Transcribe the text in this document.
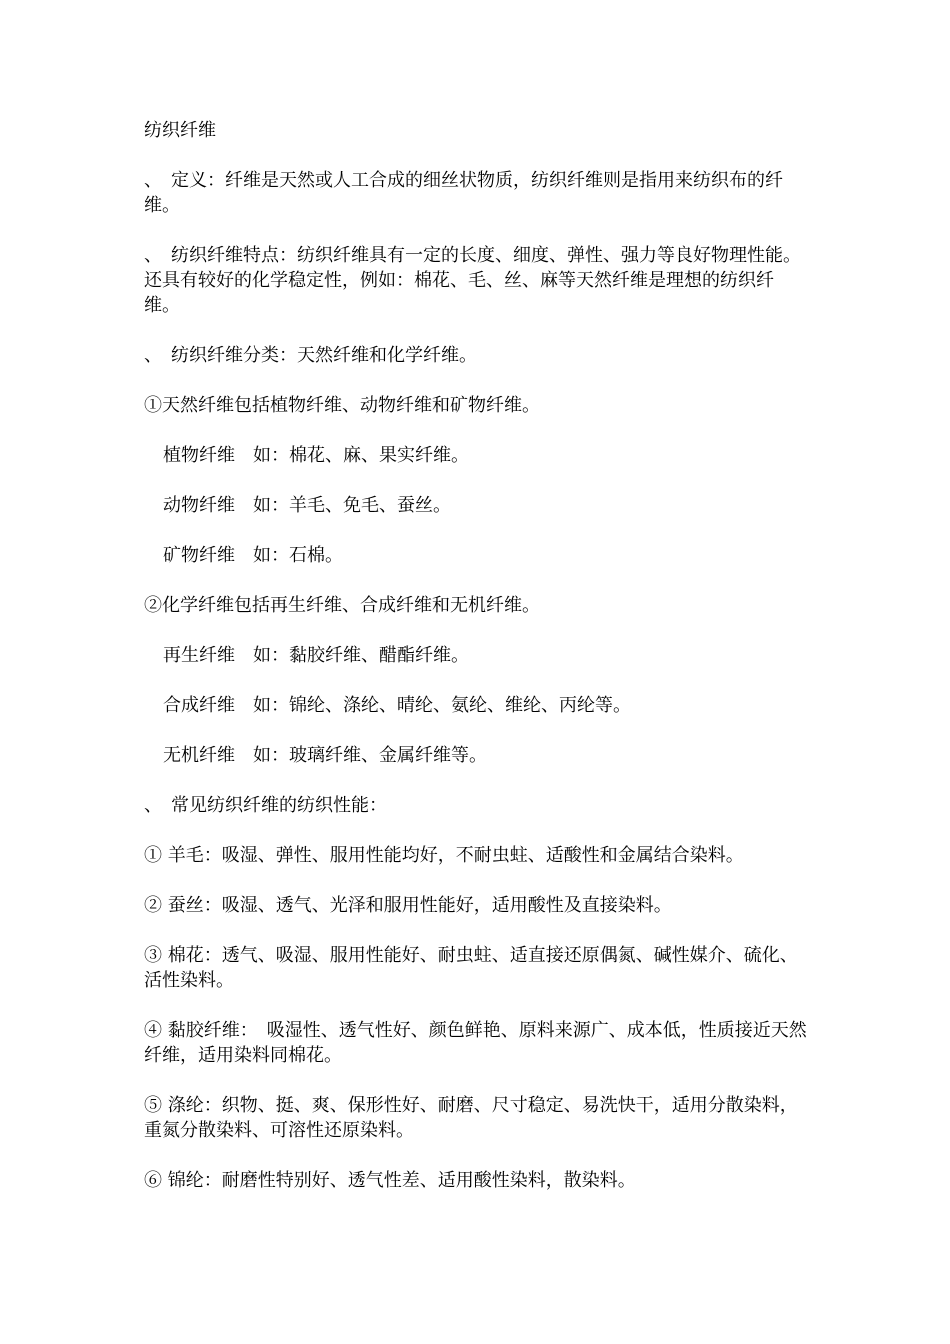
纺织纤维

、　定义：纤维是天然或人工合成的细丝状物质，纺织纤维则是指用来纺织布的纤维。

、　纺织纤维特点：纺织纤维具有一定的长度、细度、弹性、强力等良好物理性能。还具有较好的化学稳定性，例如：棉花、毛、丝、麻等天然纤维是理想的纺织纤维。

、　纺织纤维分类：天然纤维和化学纤维。

①天然纤维包括植物纤维、动物纤维和矿物纤维。

植物纤维　如：棉花、麻、果实纤维。

动物纤维　如：羊毛、免毛、蚕丝。

矿物纤维　如：石棉。

②化学纤维包括再生纤维、合成纤维和无机纤维。

再生纤维　如：黏胶纤维、醋酯纤维。

合成纤维　如：锦纶、涤纶、晴纶、氨纶、维纶、丙纶等。

无机纤维　如：玻璃纤维、金属纤维等。

、　常见纺织纤维的纺织性能：

① 羊毛：吸湿、弹性、服用性能均好，不耐虫蛀、适酸性和金属结合染料。

② 蚕丝：吸湿、透气、光泽和服用性能好，适用酸性及直接染料。

③ 棉花：透气、吸湿、服用性能好、耐虫蛀、适直接还原偶氮、碱性媒介、硫化、活性染料。

④ 黏胶纤维：　吸湿性、透气性好、颜色鲜艳、原料来源广、成本低，性质接近天然纤维，适用染料同棉花。

⑤ 涤纶：织物、挺、爽、保形性好、耐磨、尺寸稳定、易洗快干，适用分散染料，重氮分散染料、可溶性还原染料。

⑥ 锦纶：耐磨性特别好、透气性差、适用酸性染料，散染料。
